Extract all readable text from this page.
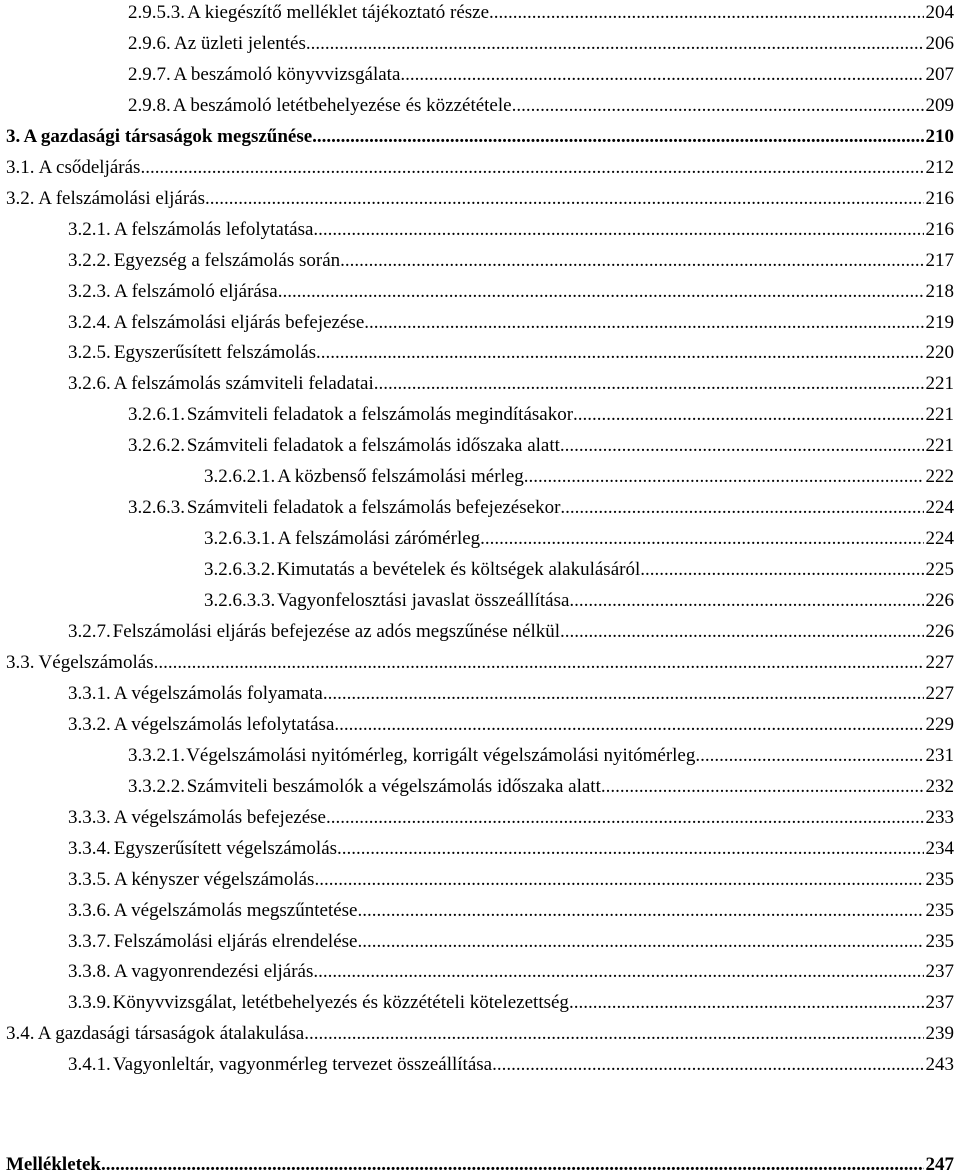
2.9.5.3. A kiegészítő melléklet tájékoztató része .....	204
2.9.6. Az üzleti jelentés .....	206
2.9.7. A beszámoló könyvvizsgálata .....	207
2.9.8. A beszámoló letétbehelyezése és közzététele .....	209
3. A gazdasági társaságok megszűnése .....	210
3.1. A csődeljárás .....	212
3.2. A felszámolási eljárás .....	216
3.2.1. A felszámolás lefolytatása .....	216
3.2.2. Egyezség a felszámolás során .....	217
3.2.3. A felszámoló eljárása .....	218
3.2.4. A felszámolási eljárás befejezése .....	219
3.2.5. Egyszerűsített felszámolás .....	220
3.2.6. A felszámolás számviteli feladatai .....	221
3.2.6.1. Számviteli feladatok a felszámolás megindításakor .....	221
3.2.6.2. Számviteli feladatok a felszámolás időszaka alatt .....	221
3.2.6.2.1. A közbenső felszámolási mérleg .....	222
3.2.6.3. Számviteli feladatok a felszámolás befejezésekor .....	224
3.2.6.3.1. A felszámolási zárómérleg .....	224
3.2.6.3.2. Kimutatás a bevételek és költségek alakulásáról .....	225
3.2.6.3.3. Vagyonfelosztási javaslat összeállítása .....	226
3.2.7. Felszámolási eljárás befejezése az adós megszűnése nélkül .....	226
3.3. Végelszámolás .....	227
3.3.1. A végelszámolás folyamata .....	227
3.3.2. A végelszámolás lefolytatása .....	229
3.3.2.1. Végelszámolási nyitómérleg, korrigált végelszámolási nyitómérleg .....	231
3.3.2.2. Számviteli beszámolók a végelszámolás időszaka alatt .....	232
3.3.3. A végelszámolás befejezése .....	233
3.3.4. Egyszerűsített végelszámolás .....	234
3.3.5. A kényszer végelszámolás .....	235
3.3.6. A végelszámolás megszűntetése .....	235
3.3.7. Felszámolási eljárás elrendelése .....	235
3.3.8. A vagyonrendezési eljárás .....	237
3.3.9. Könyvvizsgálat, letétbehelyezés és közzétételi kötelezettség .....	237
3.4. A gazdasági társaságok átalakulása .....	239
3.4.1. Vagyonleltár, vagyonmérleg tervezet összeállítása .....	243
Mellékletek .....	247
